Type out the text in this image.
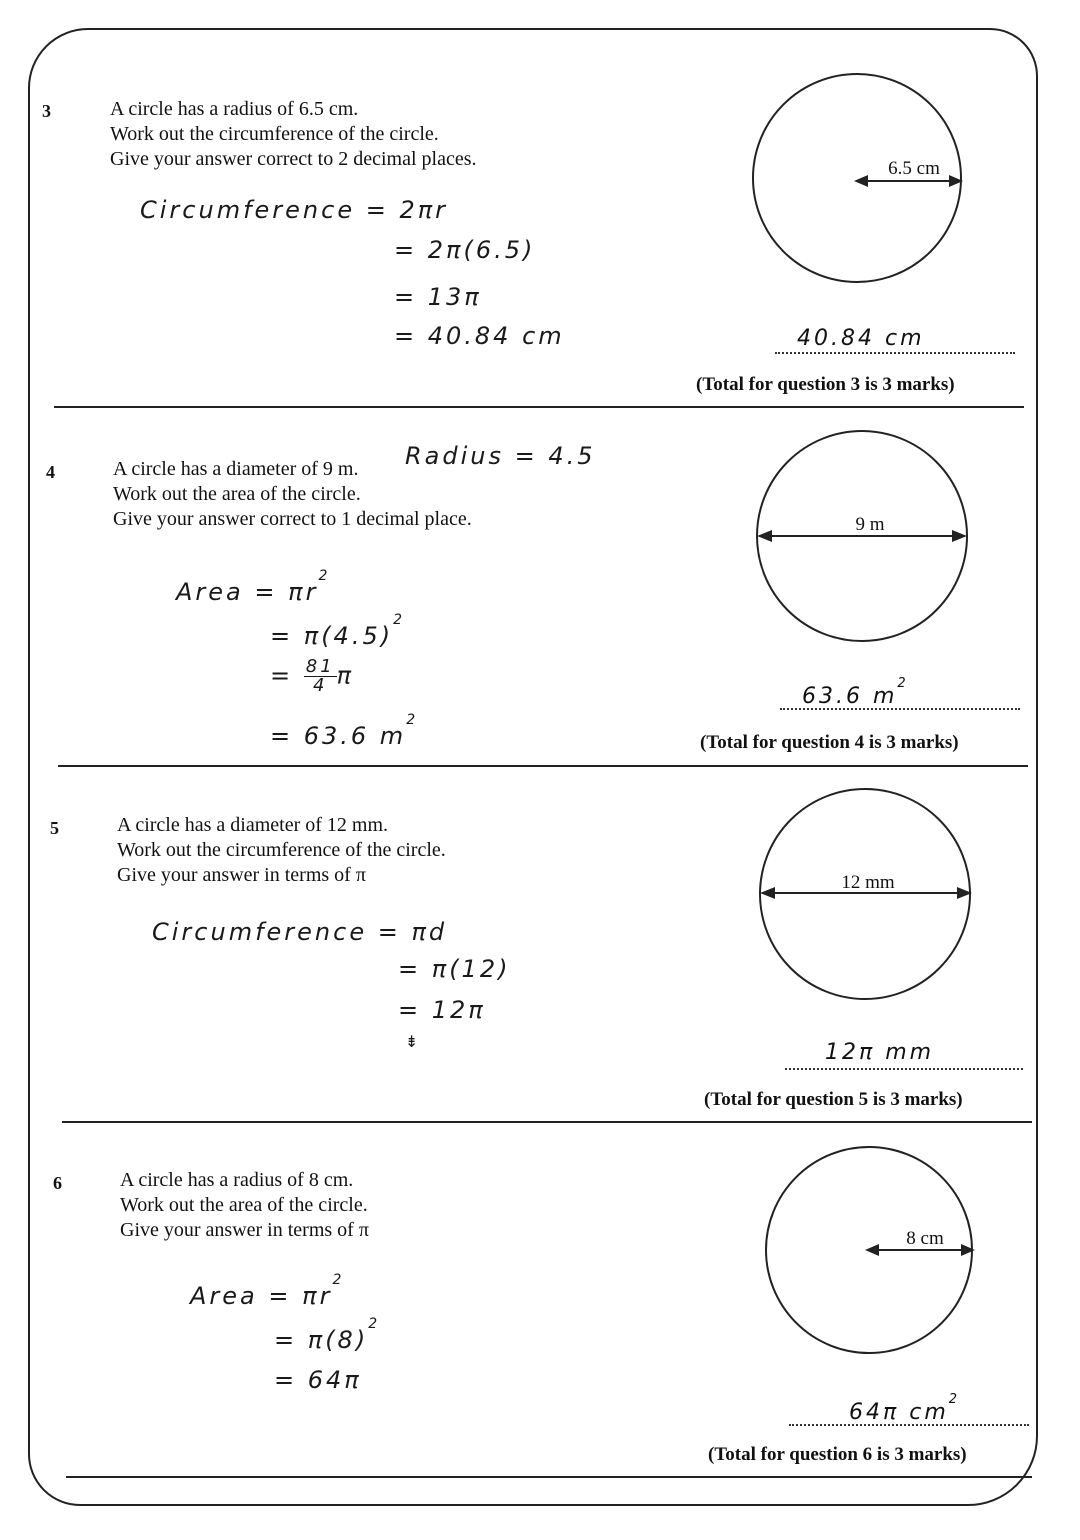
3	A circle has a radius of 6.5 cm.
Work out the circumference of the circle.
Give your answer correct to 2 decimal places.
Circumference = 2πr
= 2π(6.5)
= 13π
= 40.84 cm
6.5 cm
40.84 cm
(Total for question 3 is 3 marks)
4	A circle has a diameter of 9 m.
Work out the area of the circle.
Give your answer correct to 1 decimal place.
Radius = 4.5
Area = $\pi r^2$
= $\pi(4.5)^2$
= $\frac{81}{4}$ π
= 63.6 $m^2$
9 m
63.6 $m^2$
(Total for question 4 is 3 marks)
5	A circle has a diameter of 12 mm.
Work out the circumference of the circle.
Give your answer in terms of π
Circumference = πd
= π(12)
= 12π
⇟
12 mm
12π mm
(Total for question 5 is 3 marks)
6	A circle has a radius of 8 cm.
Work out the area of the circle.
Give your answer in terms of π
Area = $\pi r^2$
= $\pi(8)^2$
= 64π
8 cm
64π $cm^2$
(Total for question 6 is 3 marks)
